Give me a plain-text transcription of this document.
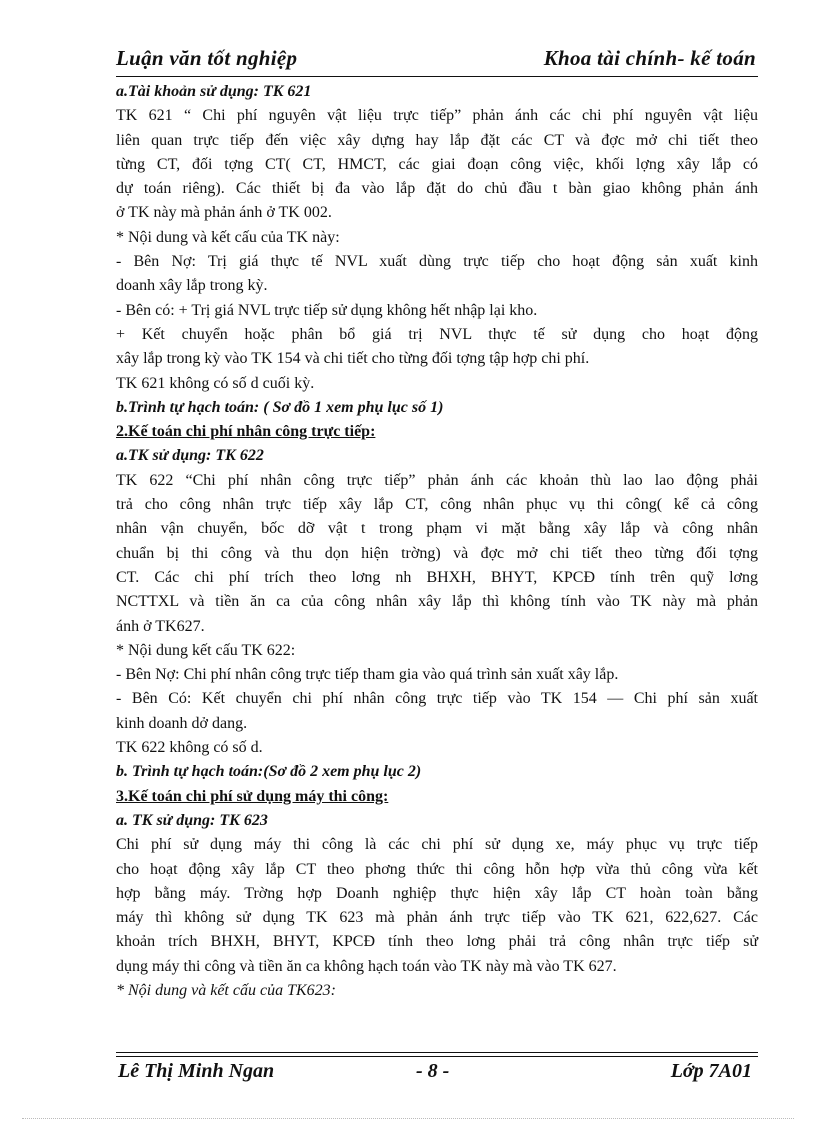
Luận văn tốt nghiệp	Khoa tài chính- kế toán
a.Tài khoản sử dụng: TK 621
TK 621 “ Chi phí nguyên vật liệu trực tiếp” phản ánh các chi phí nguyên vật liệu
liên quan trực tiếp đến việc xây dựng hay lắp đặt các CT và đợc mở chi tiết theo
từng CT, đối tợng CT( CT, HMCT, các giai đoạn công việc, khối lợng xây lắp có
dự toán riêng). Các thiết bị đa vào lắp đặt do chủ đầu t bàn giao không phản ánh
ở TK này mà phản ánh ở TK 002.
* Nội dung và kết cấu của TK này:
- Bên Nợ: Trị giá thực tế NVL xuất dùng trực tiếp cho hoạt động sản xuất kinh
doanh xây lắp trong kỳ.
- Bên có: + Trị giá NVL trực tiếp sử dụng không hết nhập lại kho.
+ Kết chuyển hoặc phân bổ giá trị NVL thực tế sử dụng cho hoạt động
xây lắp trong kỳ vào TK 154 và chi tiết cho từng đối tợng tập hợp chi phí.
TK 621 không có số d cuối kỳ.
b.Trình tự hạch toán: ( Sơ đồ 1 xem phụ lục số 1)
2.Kế toán chi phí nhân công trực tiếp:
a.TK sử dụng: TK 622
TK 622 “Chi phí nhân công trực tiếp” phản ánh các khoản thù lao lao động phải
trả cho công nhân trực tiếp xây lắp CT, công nhân phục vụ thi công( kể cả công
nhân vận chuyển, bốc dỡ vật t trong phạm vi mặt bằng xây lắp và công nhân
chuẩn bị thi công và thu dọn hiện trờng) và đợc mở chi tiết theo từng đối tợng
CT. Các chi phí trích theo lơng nh BHXH, BHYT, KPCĐ tính trên quỹ lơng
NCTTXL và tiền ăn ca của công nhân xây lắp thì không tính vào TK này mà phản
ánh ở TK627.
* Nội dung kết cấu TK 622:
- Bên Nợ: Chi phí nhân công trực tiếp tham gia vào quá trình sản xuất xây lắp.
- Bên Có: Kết chuyển chi phí nhân công trực tiếp vào TK 154 — Chi phí sản xuất
kinh doanh dở dang.
TK 622 không có số d.
b. Trình tự hạch toán:(Sơ đồ 2 xem phụ lục 2)
3.Kế toán chi phí sử dụng máy thi công:
a. TK sử dụng: TK 623
Chi phí sử dụng máy thi công là các chi phí sử dụng xe, máy phục vụ trực tiếp
cho hoạt động xây lắp CT theo phơng thức thi công hỗn hợp vừa thủ công vừa kết
hợp bằng máy. Trờng hợp Doanh nghiệp thực hiện xây lắp CT hoàn toàn bằng
máy thì không sử dụng TK 623 mà phản ánh trực tiếp vào TK 621, 622,627. Các
khoản trích BHXH, BHYT, KPCĐ tính theo lơng phải trả công nhân trực tiếp sử
dụng máy thi công và tiền ăn ca không hạch toán vào TK này mà vào TK 627.
* Nội dung và kết cấu của TK623:
Lê Thị Minh Ngan	- 8 -	Lớp 7A01
